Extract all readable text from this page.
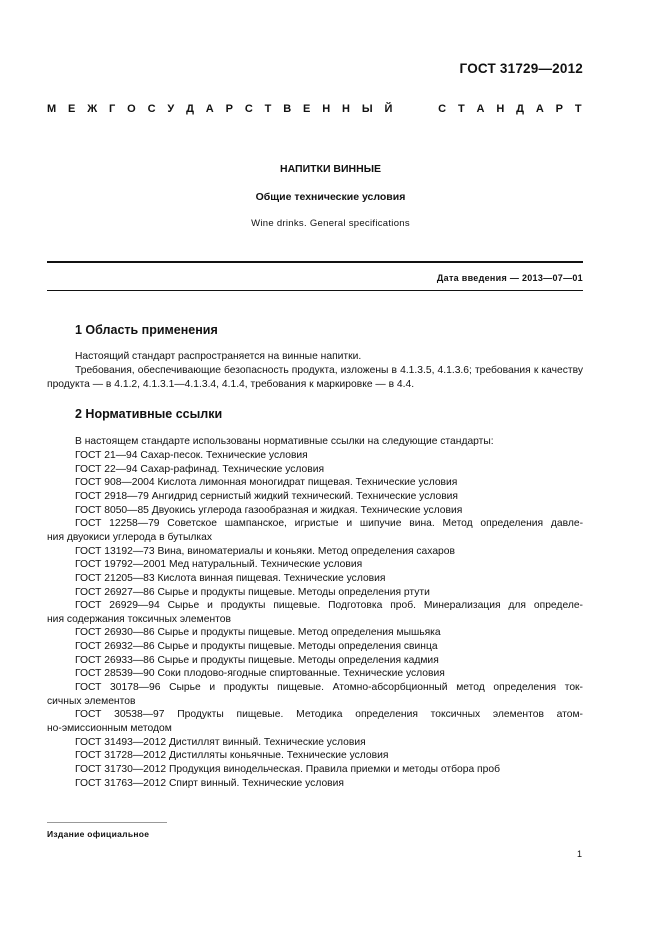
ГОСТ 31729—2012
М Е Ж Г О С У Д А Р С Т В Е Н Н Ы Й	С Т А Н Д А Р Т
НАПИТКИ ВИННЫЕ
Общие технические условия
Wine drinks. General specifications
Дата введения — 2013—07—01
1 Область применения
Настоящий стандарт распространяется на винные напитки.
Требования, обеспечивающие безопасность продукта, изложены в 4.1.3.5, 4.1.3.6; требования к качеству продукта — в 4.1.2, 4.1.3.1—4.1.3.4, 4.1.4, требования к маркировке — в 4.4.
2 Нормативные ссылки
В настоящем стандарте использованы нормативные ссылки на следующие стандарты:
ГОСТ 21—94 Сахар-песок. Технические условия
ГОСТ 22—94 Сахар-рафинад. Технические условия
ГОСТ 908—2004 Кислота лимонная моногидрат пищевая. Технические условия
ГОСТ 2918—79 Ангидрид сернистый жидкий технический. Технические условия
ГОСТ 8050—85 Двуокись углерода газообразная и жидкая. Технические условия
ГОСТ 12258—79 Советское шампанское, игристые и шипучие вина. Метод определения давле-
ния двуокиси углерода в бутылках
ГОСТ 13192—73 Вина, виноматериалы и коньяки. Метод определения сахаров
ГОСТ 19792—2001 Мед натуральный. Технические условия
ГОСТ 21205—83 Кислота винная пищевая. Технические условия
ГОСТ 26927—86 Сырье и продукты пищевые. Методы определения ртути
ГОСТ 26929—94 Сырье и продукты пищевые. Подготовка проб. Минерализация для определе-
ния содержания токсичных элементов
ГОСТ 26930—86 Сырье и продукты пищевые. Метод определения мышьяка
ГОСТ 26932—86 Сырье и продукты пищевые. Методы определения свинца
ГОСТ 26933—86 Сырье и продукты пищевые. Методы определения кадмия
ГОСТ 28539—90 Соки плодово-ягодные спиртованные. Технические условия
ГОСТ 30178—96 Сырье и продукты пищевые. Атомно-абсорбционный метод определения ток-
сичных элементов
ГОСТ 30538—97 Продукты пищевые. Методика определения токсичных элементов атом-
но-эмиссионным методом
ГОСТ 31493—2012 Дистиллят винный. Технические условия
ГОСТ 31728—2012 Дистилляты коньячные. Технические условия
ГОСТ 31730—2012 Продукция винодельческая. Правила приемки и методы отбора проб
ГОСТ 31763—2012 Спирт винный. Технические условия
Издание официальное
1
